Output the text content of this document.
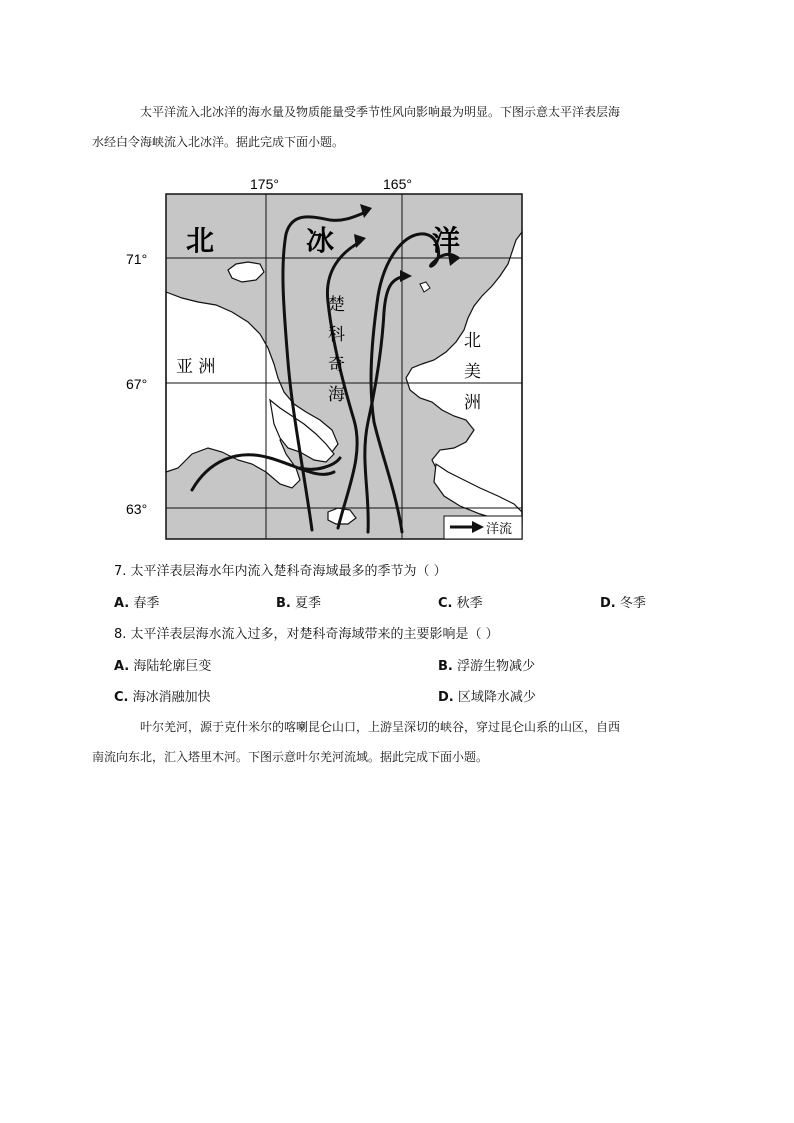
太平洋流入北冰洋的海水量及物质能量受季节性风向影响最为明显。下图示意太平洋表层海
水经白令海峡流入北冰洋。据此完成下面小题。
175°	165°
71°
67°
63°
北	冰	洋
亚 洲
北
美
洲
楚
科
奇
海
洋流
7. 太平洋表层海水年内流入楚科奇海域最多的季节为（ ）
A. 春季	B. 夏季	C. 秋季	D. 冬季
8. 太平洋表层海水流入过多，对楚科奇海域带来的主要影响是（ ）
A. 海陆轮廓巨变	B. 浮游生物减少
C. 海冰消融加快	D. 区域降水减少
叶尔羌河，源于克什米尔的喀喇昆仑山口，上游呈深切的峡谷，穿过昆仑山系的山区，自西
南流向东北，汇入塔里木河。下图示意叶尔羌河流域。据此完成下面小题。
